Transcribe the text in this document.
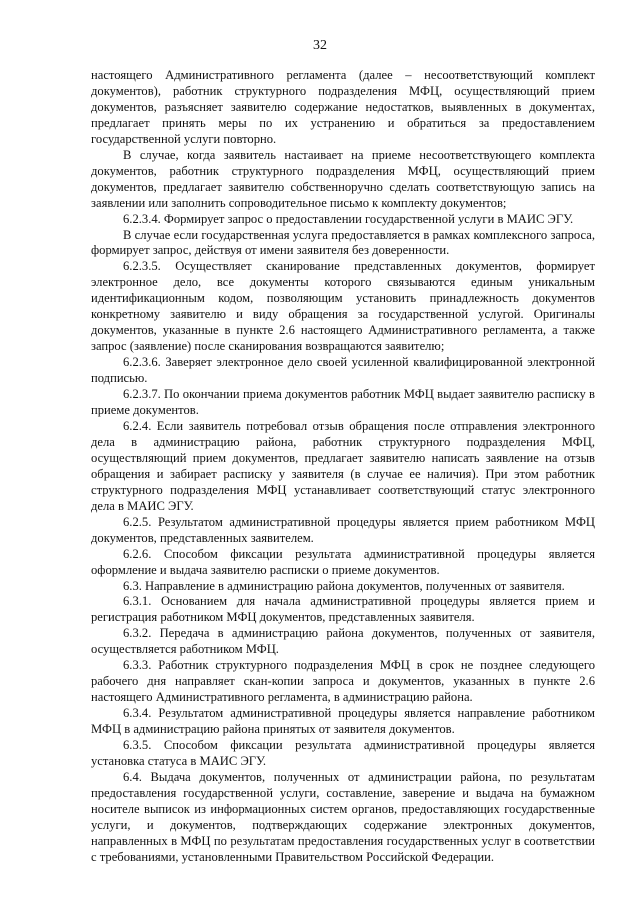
32

настоящего Административного регламента (далее – несоответствующий комплект документов), работник структурного подразделения МФЦ, осуществляющий прием документов, разъясняет заявителю содержание недостатков, выявленных в документах, предлагает принять меры по их устранению и обратиться за предоставлением государственной услуги повторно.

В случае, когда заявитель настаивает на приеме несоответствующего комплекта документов, работник структурного подразделения МФЦ, осуществляющий прием документов, предлагает заявителю собственноручно сделать соответствующую запись на заявлении или заполнить сопроводительное письмо к комплекту документов;

6.2.3.4. Формирует запрос о предоставлении государственной услуги в МАИС ЭГУ.

В случае если государственная услуга предоставляется в рамках комплексного запроса, формирует запрос, действуя от имени заявителя без доверенности.

6.2.3.5. Осуществляет сканирование представленных документов, формирует электронное дело, все документы которого связываются единым уникальным идентификационным кодом, позволяющим установить принадлежность документов конкретному заявителю и виду обращения за государственной услугой. Оригиналы документов, указанные в пункте 2.6 настоящего Административного регламента, а также запрос (заявление) после сканирования возвращаются заявителю;

6.2.3.6. Заверяет электронное дело своей усиленной квалифицированной электронной подписью.

6.2.3.7. По окончании приема документов работник МФЦ выдает заявителю расписку в приеме документов.

6.2.4. Если заявитель потребовал отзыв обращения после отправления электронного дела в администрацию района, работник структурного подразделения МФЦ, осуществляющий прием документов, предлагает заявителю написать заявление на отзыв обращения и забирает расписку у заявителя (в случае ее наличия). При этом работник структурного подразделения МФЦ устанавливает соответствующий статус электронного дела в МАИС ЭГУ.

6.2.5. Результатом административной процедуры является прием работником МФЦ документов, представленных заявителем.

6.2.6. Способом фиксации результата административной процедуры является оформление и выдача заявителю расписки о приеме документов.

6.3. Направление в администрацию района документов, полученных от заявителя.

6.3.1. Основанием для начала административной процедуры является прием и регистрация работником МФЦ документов, представленных заявителя.

6.3.2. Передача в администрацию района документов, полученных от заявителя, осуществляется работником МФЦ.

6.3.3. Работник структурного подразделения МФЦ в срок не позднее следующего рабочего дня направляет скан-копии запроса и документов, указанных в пункте 2.6 настоящего Административного регламента, в администрацию района.

6.3.4. Результатом административной процедуры является направление работником МФЦ в администрацию района принятых от заявителя документов.

6.3.5. Способом фиксации результата административной процедуры является установка статуса в МАИС ЭГУ.

6.4. Выдача документов, полученных от администрации района, по результатам предоставления государственной услуги, составление, заверение и выдача на бумажном носителе выписок из информационных систем органов, предоставляющих государственные услуги, и документов, подтверждающих содержание электронных документов, направленных в МФЦ по результатам предоставления государственных услуг в соответствии с требованиями, установленными Правительством Российской Федерации.
